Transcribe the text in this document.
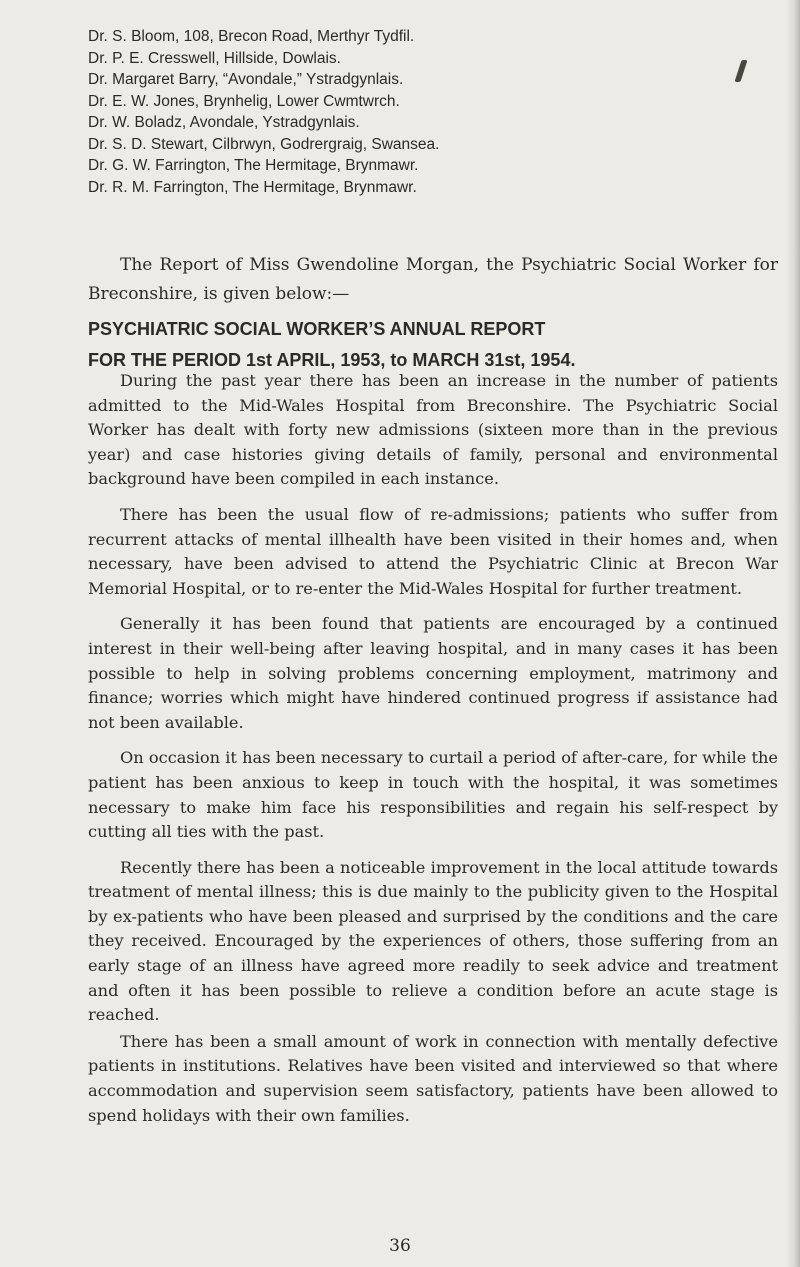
Dr. S. Bloom, 108, Brecon Road, Merthyr Tydfil.
Dr. P. E. Cresswell, Hillside, Dowlais.
Dr. Margaret Barry, “Avondale,” Ystradgynlais.
Dr. E. W. Jones, Brynhelig, Lower Cwmtwrch.
Dr. W. Boladz, Avondale, Ystradgynlais.
Dr. S. D. Stewart, Cilbrwyn, Godrergraig, Swansea.
Dr. G. W. Farrington, The Hermitage, Brynmawr.
Dr. R. M. Farrington, The Hermitage, Brynmawr.

The Report of Miss Gwendoline Morgan, the Psychiatric Social Worker for Breconshire, is given below:—

PSYCHIATRIC SOCIAL WORKER’S ANNUAL REPORT
FOR THE PERIOD 1st APRIL, 1953, to MARCH 31st, 1954.

During the past year there has been an increase in the number of patients admitted to the Mid-Wales Hospital from Breconshire. The Psychiatric Social Worker has dealt with forty new admissions (sixteen more than in the previous year) and case histories giving details of family, personal and environmental background have been compiled in each instance.

There has been the usual flow of re-admissions; patients who suffer from recurrent attacks of mental illhealth have been visited in their homes and, when necessary, have been advised to attend the Psychiatric Clinic at Brecon War Memorial Hospital, or to re-enter the Mid-Wales Hospital for further treatment.

Generally it has been found that patients are encouraged by a continued interest in their well-being after leaving hospital, and in many cases it has been possible to help in solving problems concerning employment, matrimony and finance; worries which might have hindered continued progress if assistance had not been available.

On occasion it has been necessary to curtail a period of after-care, for while the patient has been anxious to keep in touch with the hospital, it was sometimes necessary to make him face his responsibilities and regain his self-respect by cutting all ties with the past.

Recently there has been a noticeable improvement in the local attitude towards treatment of mental illness; this is due mainly to the publicity given to the Hospital by ex-patients who have been pleased and surprised by the conditions and the care they received. Encouraged by the experiences of others, those suffering from an early stage of an illness have agreed more readily to seek advice and treatment and often it has been possible to relieve a condition before an acute stage is reached.

There has been a small amount of work in connection with mentally defective patients in institutions. Relatives have been visited and interviewed so that where accommodation and supervision seem satisfactory, patients have been allowed to spend holidays with their own families.

36
